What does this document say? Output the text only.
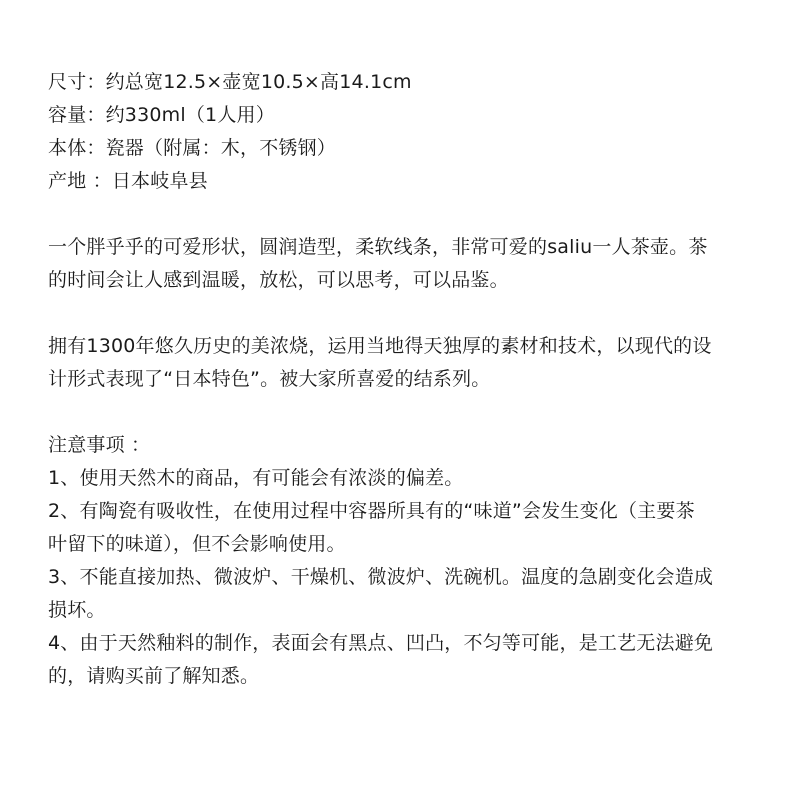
尺寸：约总宽12.5×壶宽10.5×高14.1cm

容量：约330ml（1人用）

本体：瓷器（附属：木，不锈钢）

产地 ：日本岐阜县

一个胖乎乎的可爱形状，圆润造型，柔软线条，非常可爱的saliu一人茶壶。茶

的时间会让人感到温暖，放松，可以思考，可以品鉴。

拥有1300年悠久历史的美浓烧，运用当地得天独厚的素材和技术，以现代的设

计形式表现了“日本特色”。被大家所喜爱的结系列。

注意事项 ：

1、使用天然木的商品，有可能会有浓淡的偏差。

2、有陶瓷有吸收性，在使用过程中容器所具有的“味道”会发生变化（主要茶

叶留下的味道），但不会影响使用。

3、不能直接加热、微波炉、干燥机、微波炉、洗碗机。温度的急剧变化会造成

损坏。

4、由于天然釉料的制作，表面会有黑点、凹凸，不匀等可能，是工艺无法避免

的，请购买前了解知悉。
